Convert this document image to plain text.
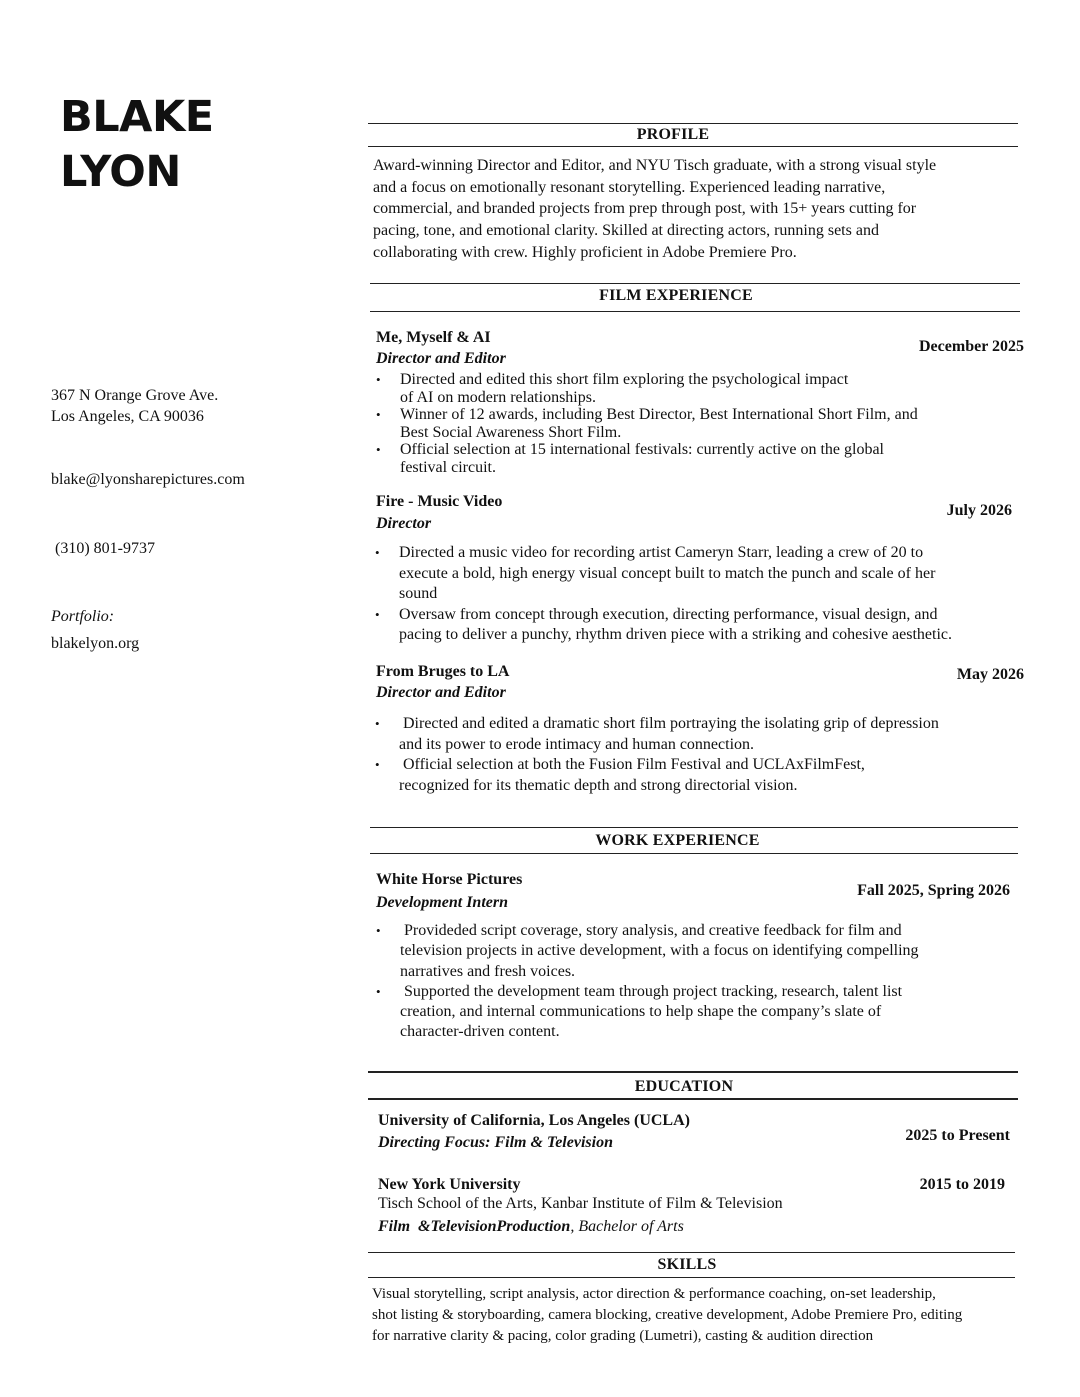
BLAKE
LYON
367 N Orange Grove Ave.
Los Angeles, CA 90036
blake@lyonsharepictures.com
(310) 801-9737
Portfolio:
blakelyon.org
PROFILE
Award-winning Director and Editor, and NYU Tisch graduate, with a strong visual style
and a focus on emotionally resonant storytelling. Experienced leading narrative,
commercial, and branded projects from prep through post, with 15+ years cutting for
pacing, tone, and emotional clarity. Skilled at directing actors, running sets and
collaborating with crew. Highly proficient in Adobe Premiere Pro.
FILM EXPERIENCE
Me, Myself & AI
Director and Editor
December 2025
• Directed and edited this short film exploring the psychological impact
of AI on modern relationships.
• Winner of 12 awards, including Best Director, Best International Short Film, and
Best Social Awareness Short Film.
• Official selection at 15 international festivals: currently active on the global
festival circuit.
Fire - Music Video
Director
July 2026
• Directed a music video for recording artist Cameryn Starr, leading a crew of 20 to
execute a bold, high energy visual concept built to match the punch and scale of her
sound
• Oversaw from concept through execution, directing performance, visual design, and
pacing to deliver a punchy, rhythm driven piece with a striking and cohesive aesthetic.
From Bruges to LA
Director and Editor
May 2026
•  Directed and edited a dramatic short film portraying the isolating grip of depression
and its power to erode intimacy and human connection.
•  Official selection at both the Fusion Film Festival and UCLAxFilmFest,
recognized for its thematic depth and strong directorial vision.
WORK EXPERIENCE
White Horse Pictures
Development Intern
Fall 2025, Spring 2026
•  Provideded script coverage, story analysis, and creative feedback for film and
television projects in active development, with a focus on identifying compelling
narratives and fresh voices.
•  Supported the development team through project tracking, research, talent list
creation, and internal communications to help shape the company’s slate of
character-driven content.
EDUCATION
University of California, Los Angeles (UCLA)
Directing Focus: Film & Television	2025 to Present
New York University
Tisch School of the Arts, Kanbar Institute of Film & Television
Film  &TelevisionProduction, Bachelor of Arts
2015 to 2019
SKILLS
Visual storytelling, script analysis, actor direction & performance coaching, on-set leadership,
shot listing & storyboarding, camera blocking, creative development, Adobe Premiere Pro, editing
for narrative clarity & pacing, color grading (Lumetri), casting & audition direction
